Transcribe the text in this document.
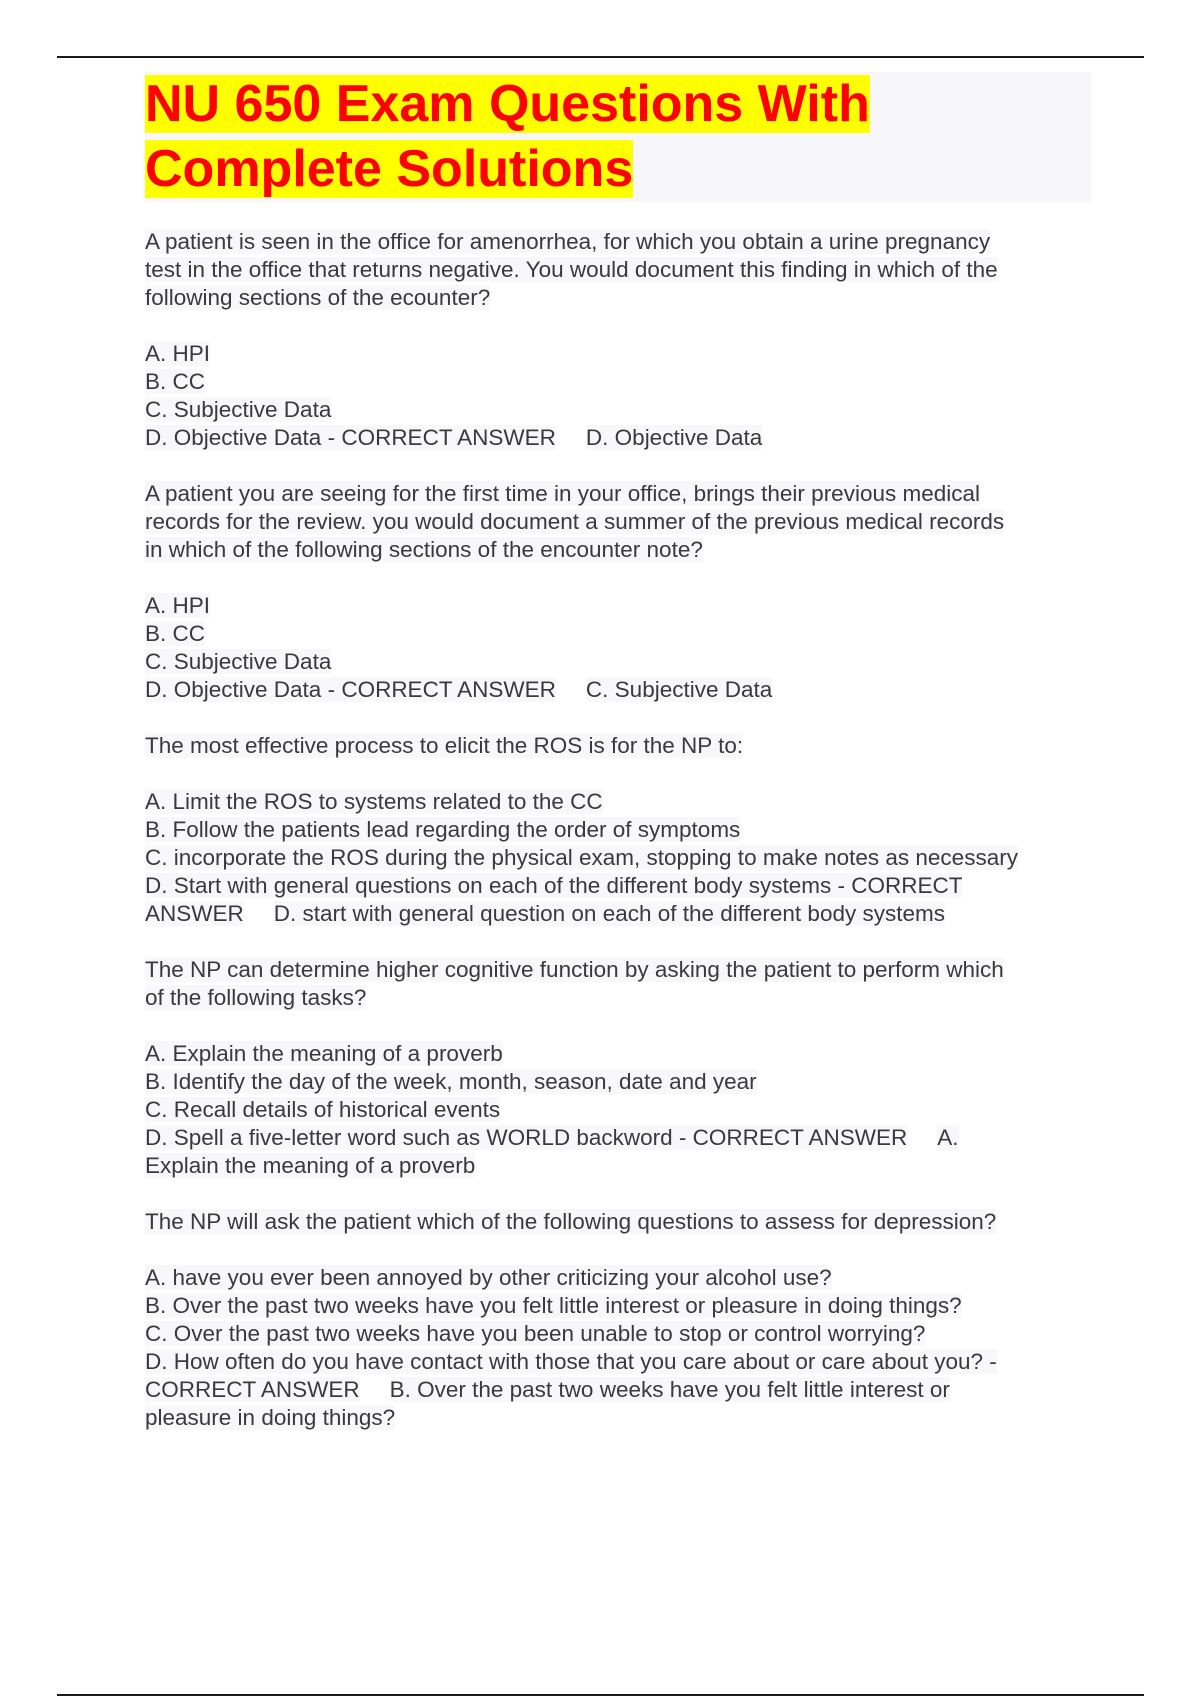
NU 650 Exam Questions With
Complete Solutions
A patient is seen in the office for amenorrhea, for which you obtain a urine pregnancy
test in the office that returns negative. You would document this finding in which of the
following sections of the ecounter?
A. HPI
B. CC
C. Subjective Data
D. Objective Data - CORRECT ANSWER D. Objective Data
A patient you are seeing for the first time in your office, brings their previous medical
records for the review. you would document a summer of the previous medical records
in which of the following sections of the encounter note?
A. HPI
B. CC
C. Subjective Data
D. Objective Data - CORRECT ANSWER C. Subjective Data
The most effective process to elicit the ROS is for the NP to:
A. Limit the ROS to systems related to the CC
B. Follow the patients lead regarding the order of symptoms
C. incorporate the ROS during the physical exam, stopping to make notes as necessary
D. Start with general questions on each of the different body systems - CORRECT
ANSWER D. start with general question on each of the different body systems
The NP can determine higher cognitive function by asking the patient to perform which
of the following tasks?
A. Explain the meaning of a proverb
B. Identify the day of the week, month, season, date and year
C. Recall details of historical events
D. Spell a five-letter word such as WORLD backword - CORRECT ANSWER A.
Explain the meaning of a proverb
The NP will ask the patient which of the following questions to assess for depression?
A. have you ever been annoyed by other criticizing your alcohol use?
B. Over the past two weeks have you felt little interest or pleasure in doing things?
C. Over the past two weeks have you been unable to stop or control worrying?
D. How often do you have contact with those that you care about or care about you? -
CORRECT ANSWER B. Over the past two weeks have you felt little interest or
pleasure in doing things?
